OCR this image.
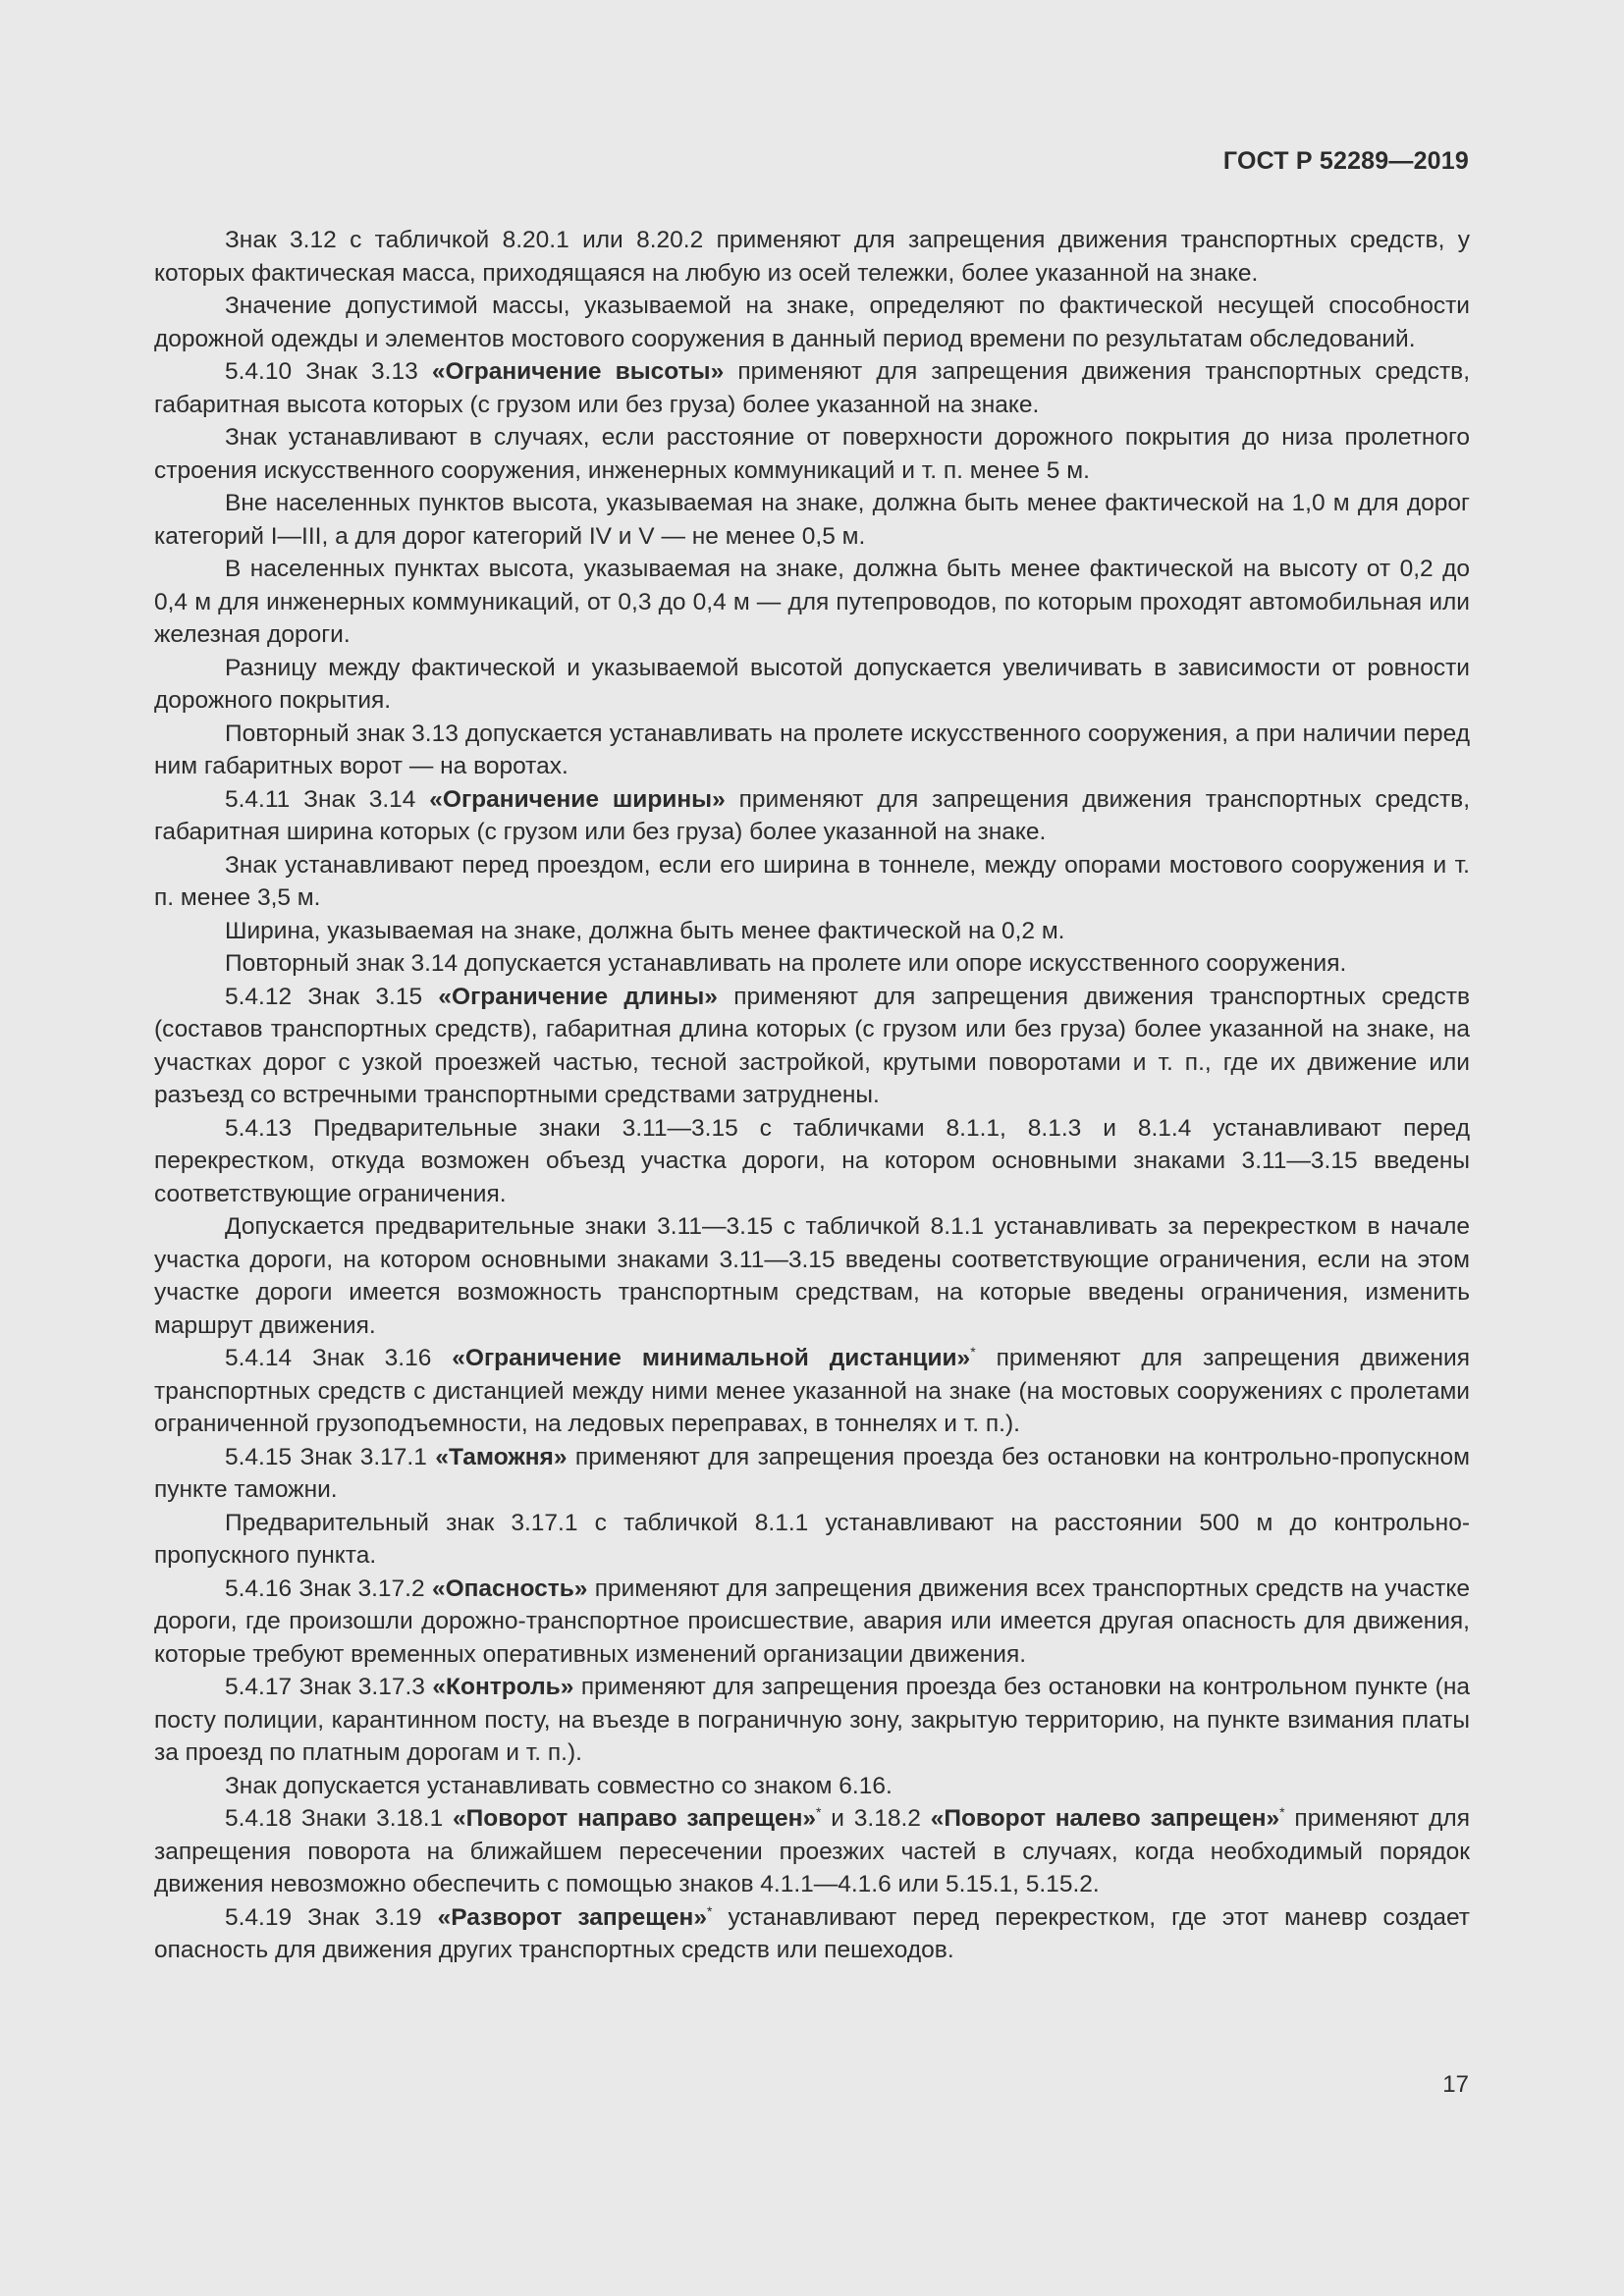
ГОСТ Р 52289—2019

Знак 3.12 с табличкой 8.20.1 или 8.20.2 применяют для запрещения движения транспортных средств, у которых фактическая масса, приходящаяся на любую из осей тележки, более указанной на знаке.

Значение допустимой массы, указываемой на знаке, определяют по фактической несущей способности дорожной одежды и элементов мостового сооружения в данный период времени по результатам обследований.

5.4.10 Знак 3.13 «Ограничение высоты» применяют для запрещения движения транспортных средств, габаритная высота которых (с грузом или без груза) более указанной на знаке.

Знак устанавливают в случаях, если расстояние от поверхности дорожного покрытия до низа пролетного строения искусственного сооружения, инженерных коммуникаций и т. п. менее 5 м.

Вне населенных пунктов высота, указываемая на знаке, должна быть менее фактической на 1,0 м для дорог категорий I—III, а для дорог категорий IV и V — не менее 0,5 м.

В населенных пунктах высота, указываемая на знаке, должна быть менее фактической на высоту от 0,2 до 0,4 м для инженерных коммуникаций, от 0,3 до 0,4 м — для путепроводов, по которым проходят автомобильная или железная дороги.

Разницу между фактической и указываемой высотой допускается увеличивать в зависимости от ровности дорожного покрытия.

Повторный знак 3.13 допускается устанавливать на пролете искусственного сооружения, а при наличии перед ним габаритных ворот — на воротах.

5.4.11 Знак 3.14 «Ограничение ширины» применяют для запрещения движения транспортных средств, габаритная ширина которых (с грузом или без груза) более указанной на знаке.

Знак устанавливают перед проездом, если его ширина в тоннеле, между опорами мостового сооружения и т. п. менее 3,5 м.

Ширина, указываемая на знаке, должна быть менее фактической на 0,2 м.

Повторный знак 3.14 допускается устанавливать на пролете или опоре искусственного сооружения.

5.4.12 Знак 3.15 «Ограничение длины» применяют для запрещения движения транспортных средств (составов транспортных средств), габаритная длина которых (с грузом или без груза) более указанной на знаке, на участках дорог с узкой проезжей частью, тесной застройкой, крутыми поворотами и т. п., где их движение или разъезд со встречными транспортными средствами затруднены.

5.4.13 Предварительные знаки 3.11—3.15 с табличками 8.1.1, 8.1.3 и 8.1.4 устанавливают перед перекрестком, откуда возможен объезд участка дороги, на котором основными знаками 3.11—3.15 введены соответствующие ограничения.

Допускается предварительные знаки 3.11—3.15 с табличкой 8.1.1 устанавливать за перекрестком в начале участка дороги, на котором основными знаками 3.11—3.15 введены соответствующие ограничения, если на этом участке дороги имеется возможность транспортным средствам, на которые введены ограничения, изменить маршрут движения.

5.4.14 Знак 3.16 «Ограничение минимальной дистанции»* применяют для запрещения движения транспортных средств с дистанцией между ними менее указанной на знаке (на мостовых сооружениях с пролетами ограниченной грузоподъемности, на ледовых переправах, в тоннелях и т. п.).

5.4.15 Знак 3.17.1 «Таможня» применяют для запрещения проезда без остановки на контрольно-пропускном пункте таможни.

Предварительный знак 3.17.1 с табличкой 8.1.1 устанавливают на расстоянии 500 м до контрольно-пропускного пункта.

5.4.16 Знак 3.17.2 «Опасность» применяют для запрещения движения всех транспортных средств на участке дороги, где произошли дорожно-транспортное происшествие, авария или имеется другая опасность для движения, которые требуют временных оперативных изменений организации движения.

5.4.17 Знак 3.17.3 «Контроль» применяют для запрещения проезда без остановки на контрольном пункте (на посту полиции, карантинном посту, на въезде в пограничную зону, закрытую территорию, на пункте взимания платы за проезд по платным дорогам и т. п.).

Знак допускается устанавливать совместно со знаком 6.16.

5.4.18 Знаки 3.18.1 «Поворот направо запрещен»* и 3.18.2 «Поворот налево запрещен»* применяют для запрещения поворота на ближайшем пересечении проезжих частей в случаях, когда необходимый порядок движения невозможно обеспечить с помощью знаков 4.1.1—4.1.6 или 5.15.1, 5.15.2.

5.4.19 Знак 3.19 «Разворот запрещен»* устанавливают перед перекрестком, где этот маневр создает опасность для движения других транспортных средств или пешеходов.

17
